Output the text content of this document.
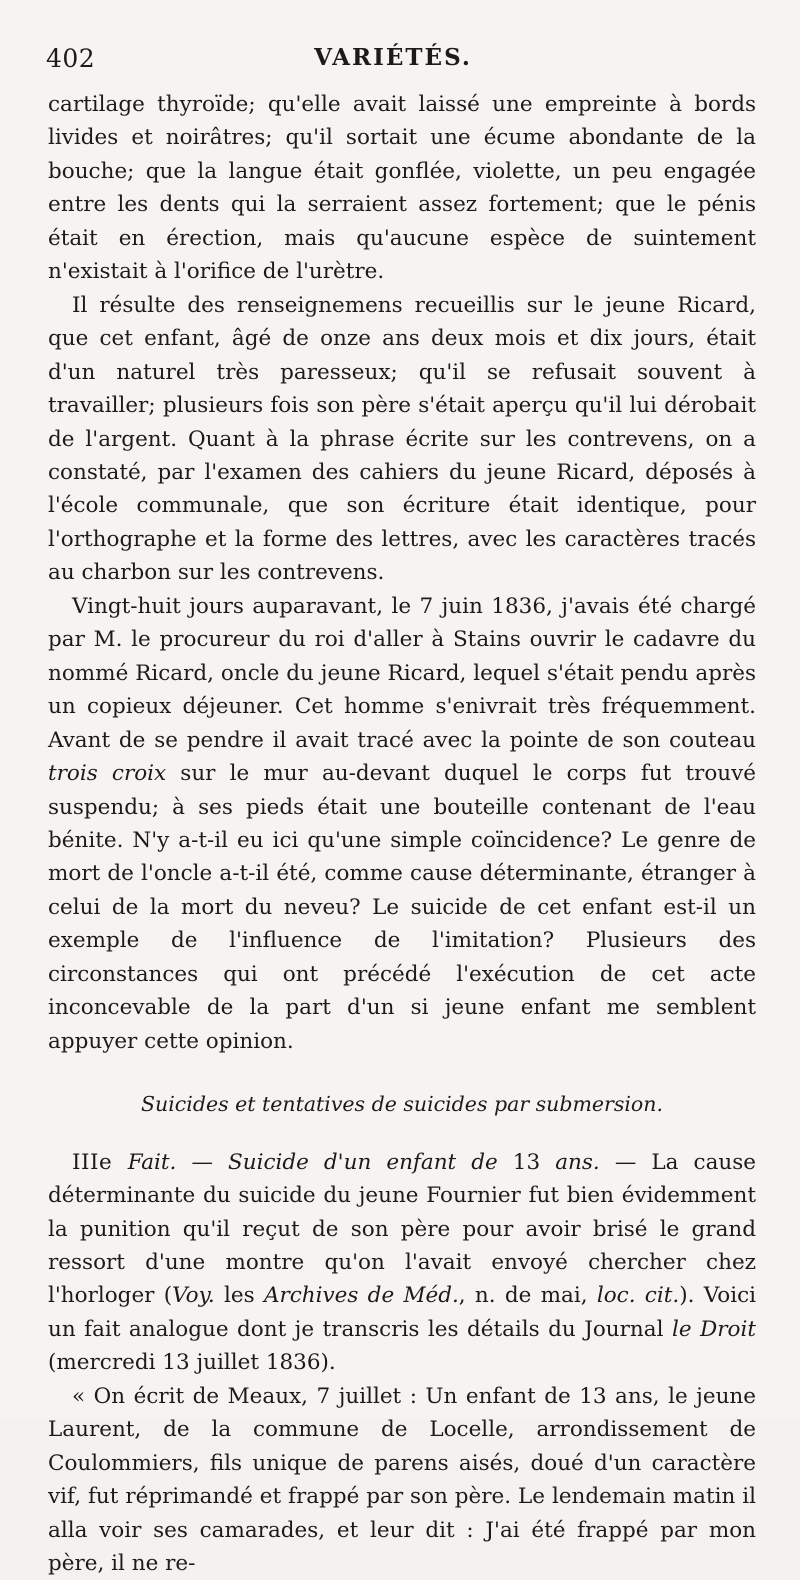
402	VARIÉTÉS.

cartilage thyroïde; qu'elle avait laissé une empreinte à bords livides et noirâtres; qu'il sortait une écume abondante de la bouche; que la langue était gonflée, violette, un peu engagée entre les dents qui la serraient assez fortement; que le pénis était en érection, mais qu'aucune espèce de suintement n'existait à l'orifice de l'urètre.

Il résulte des renseignemens recueillis sur le jeune Ricard, que cet enfant, âgé de onze ans deux mois et dix jours, était d'un naturel très paresseux; qu'il se refusait souvent à travailler; plusieurs fois son père s'était aperçu qu'il lui dérobait de l'argent. Quant à la phrase écrite sur les contrevens, on a constaté, par l'examen des cahiers du jeune Ricard, déposés à l'école communale, que son écriture était identique, pour l'orthographe et la forme des lettres, avec les caractères tracés au charbon sur les contrevens.

Vingt-huit jours auparavant, le 7 juin 1836, j'avais été chargé par M. le procureur du roi d'aller à Stains ouvrir le cadavre du nommé Ricard, oncle du jeune Ricard, lequel s'était pendu après un copieux déjeuner. Cet homme s'enivrait très fréquemment. Avant de se pendre il avait tracé avec la pointe de son couteau trois croix sur le mur au-devant duquel le corps fut trouvé suspendu; à ses pieds était une bouteille contenant de l'eau bénite. N'y a-t-il eu ici qu'une simple coïncidence? Le genre de mort de l'oncle a-t-il été, comme cause déterminante, étranger à celui de la mort du neveu? Le suicide de cet enfant est-il un exemple de l'influence de l'imitation? Plusieurs des circonstances qui ont précédé l'exécution de cet acte inconcevable de la part d'un si jeune enfant me semblent appuyer cette opinion.

Suicides et tentatives de suicides par submersion.

IIIe Fait. — Suicide d'un enfant de 13 ans. — La cause déterminante du suicide du jeune Fournier fut bien évidemment la punition qu'il reçut de son père pour avoir brisé le grand ressort d'une montre qu'on l'avait envoyé chercher chez l'horloger (Voy. les Archives de Méd., n. de mai, loc. cit.). Voici un fait analogue dont je transcris les détails du Journal le Droit (mercredi 13 juillet 1836).

« On écrit de Meaux, 7 juillet : Un enfant de 13 ans, le jeune Laurent, de la commune de Locelle, arrondissement de Coulommiers, fils unique de parens aisés, doué d'un caractère vif, fut réprimandé et frappé par son père. Le lendemain matin il alla voir ses camarades, et leur dit : J'ai été frappé par mon père, il ne re-
